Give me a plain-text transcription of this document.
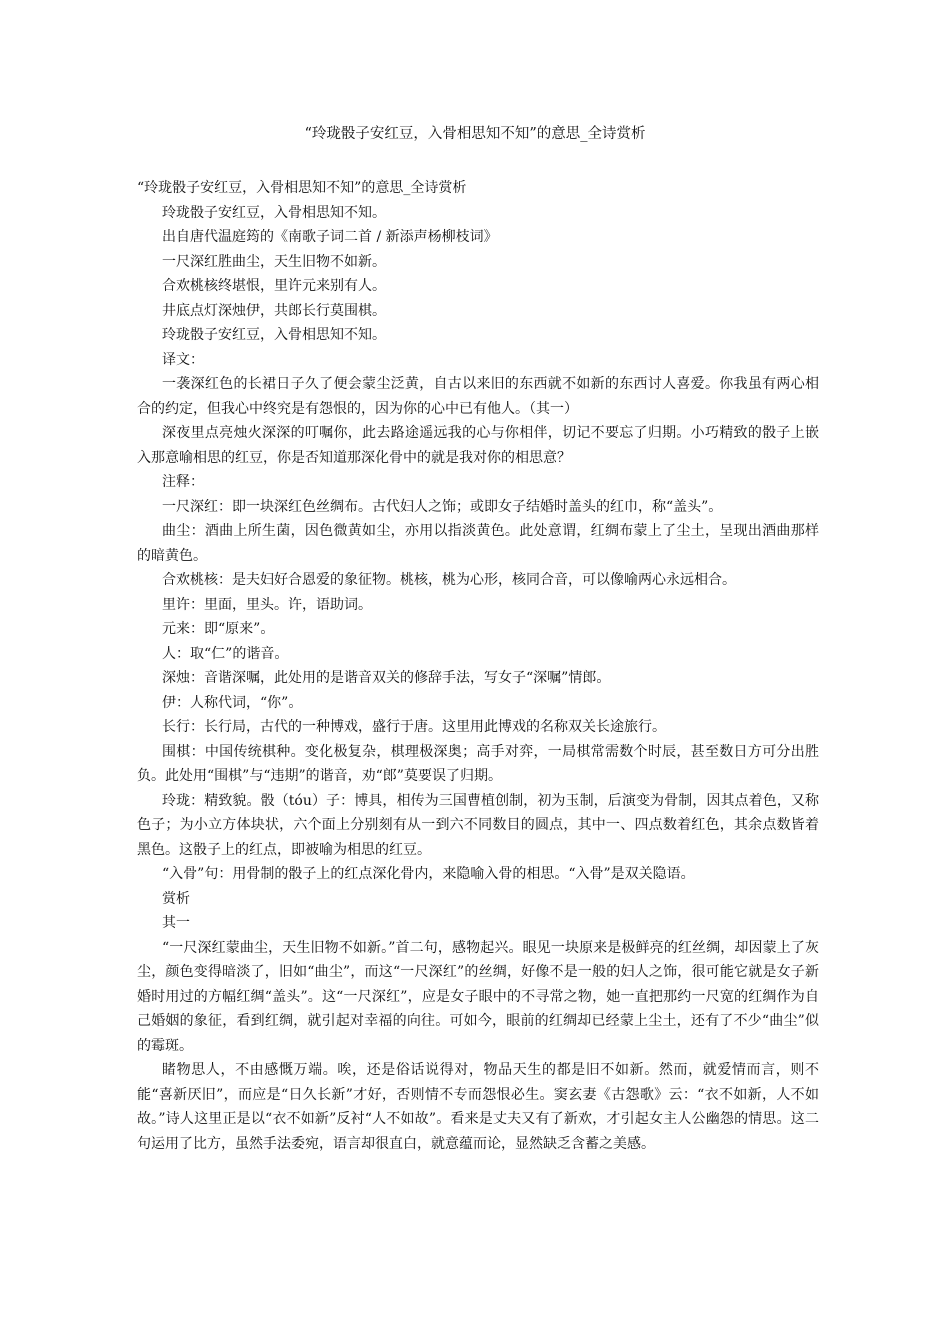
“玲珑骰子安红豆，入骨相思知不知”的意思_全诗赏析

“玲珑骰子安红豆，入骨相思知不知”的意思_全诗赏析

玲珑骰子安红豆，入骨相思知不知。

出自唐代温庭筠的《南歌子词二首 / 新添声杨柳枝词》

一尺深红胜曲尘，天生旧物不如新。

合欢桃核终堪恨，里许元来别有人。

井底点灯深烛伊，共郎长行莫围棋。

玲珑骰子安红豆，入骨相思知不知。

译文：

一袭深红色的长裙日子久了便会蒙尘泛黄，自古以来旧的东西就不如新的东西讨人喜爱。你我虽有两心相合的约定，但我心中终究是有怨恨的，因为你的心中已有他人。（其一）

深夜里点亮烛火深深的叮嘱你，此去路途遥远我的心与你相伴，切记不要忘了归期。小巧精致的骰子上嵌入那意喻相思的红豆，你是否知道那深化骨中的就是我对你的相思意？

注释：

一尺深红：即一块深红色丝绸布。古代妇人之饰；或即女子结婚时盖头的红巾，称“盖头”。

曲尘：酒曲上所生菌，因色微黄如尘，亦用以指淡黄色。此处意谓，红绸布蒙上了尘土，呈现出酒曲那样的暗黄色。

合欢桃核：是夫妇好合恩爱的象征物。桃核，桃为心形，核同合音，可以像喻两心永远相合。

里许：里面，里头。许，语助词。

元来：即“原来”。

人：取“仁”的谐音。

深烛：音谐深嘱，此处用的是谐音双关的修辞手法，写女子“深嘱”情郎。

伊：人称代词，“你”。

长行：长行局，古代的一种博戏，盛行于唐。这里用此博戏的名称双关长途旅行。

围棋：中国传统棋种。变化极复杂，棋理极深奥；高手对弈，一局棋常需数个时辰，甚至数日方可分出胜负。此处用“围棋”与“违期”的谐音，劝“郎”莫要误了归期。

玲珑：精致貌。骰（tóu）子：博具，相传为三国曹植创制，初为玉制，后演变为骨制，因其点着色，又称色子；为小立方体块状，六个面上分别刻有从一到六不同数目的圆点，其中一、四点数着红色，其余点数皆着黑色。这骰子上的红点，即被喻为相思的红豆。

“入骨”句：用骨制的骰子上的红点深化骨内，来隐喻入骨的相思。“入骨”是双关隐语。

赏析

其一

“一尺深红蒙曲尘，天生旧物不如新。”首二句，感物起兴。眼见一块原来是极鲜亮的红丝绸，却因蒙上了灰尘，颜色变得暗淡了，旧如“曲尘”，而这“一尺深红”的丝绸，好像不是一般的妇人之饰，很可能它就是女子新婚时用过的方幅红绸“盖头”。这“一尺深红”，应是女子眼中的不寻常之物，她一直把那约一尺宽的红绸作为自己婚姻的象征，看到红绸，就引起对幸福的向往。可如今，眼前的红绸却已经蒙上尘土，还有了不少“曲尘”似的霉斑。

睹物思人，不由感慨万端。唉，还是俗话说得对，物品天生的都是旧不如新。然而，就爱情而言，则不能“喜新厌旧”，而应是“日久长新”才好，否则情不专而怨恨必生。窦玄妻《古怨歌》云：“衣不如新，人不如故。”诗人这里正是以“衣不如新”反衬“人不如故”。看来是丈夫又有了新欢，才引起女主人公幽怨的情思。这二句运用了比方，虽然手法委宛，语言却很直白，就意蕴而论，显然缺乏含蓄之美感。
